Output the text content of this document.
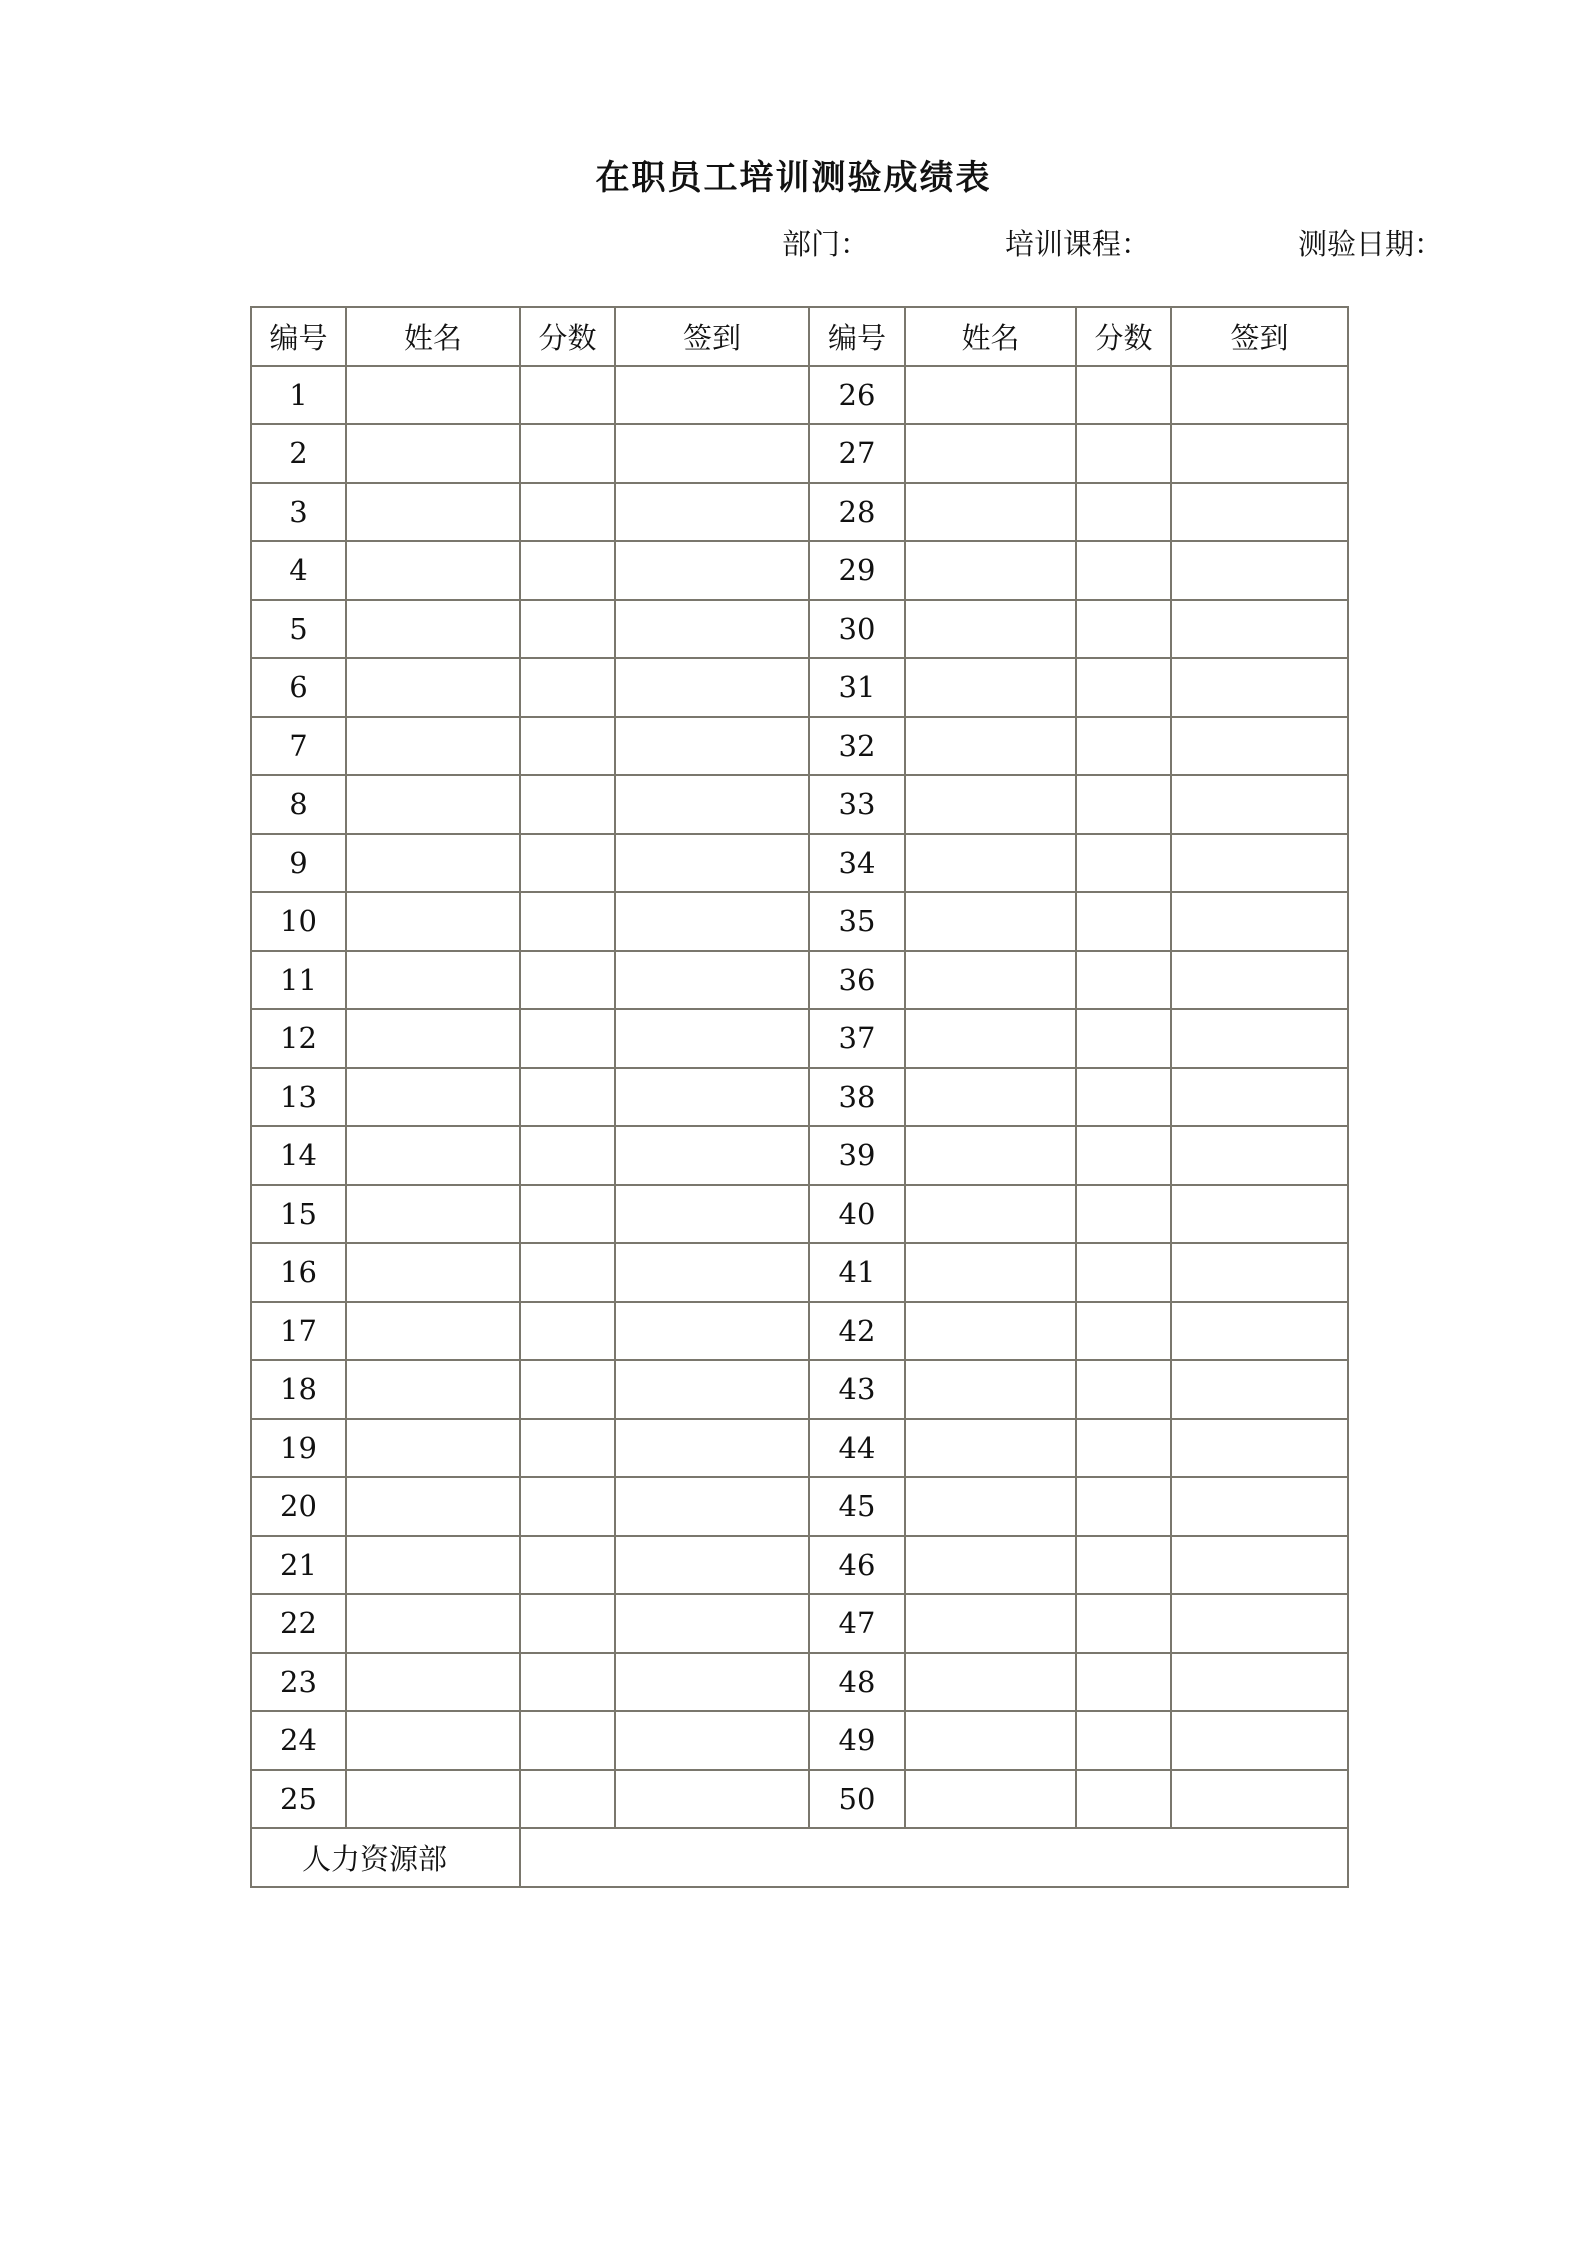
在职员工培训测验成绩表
部门：	培训课程：	测验日期：
编号	姓名	分数	签到	编号	姓名	分数	签到
1				26			
2				27			
3				28			
4				29			
5				30			
6				31			
7				32			
8				33			
9				34			
10				35			
11				36			
12				37			
13				38			
14				39			
15				40			
16				41			
17				42			
18				43			
19				44			
20				45			
21				46			
22				47			
23				48			
24				49			
25				50			
人力资源部							
